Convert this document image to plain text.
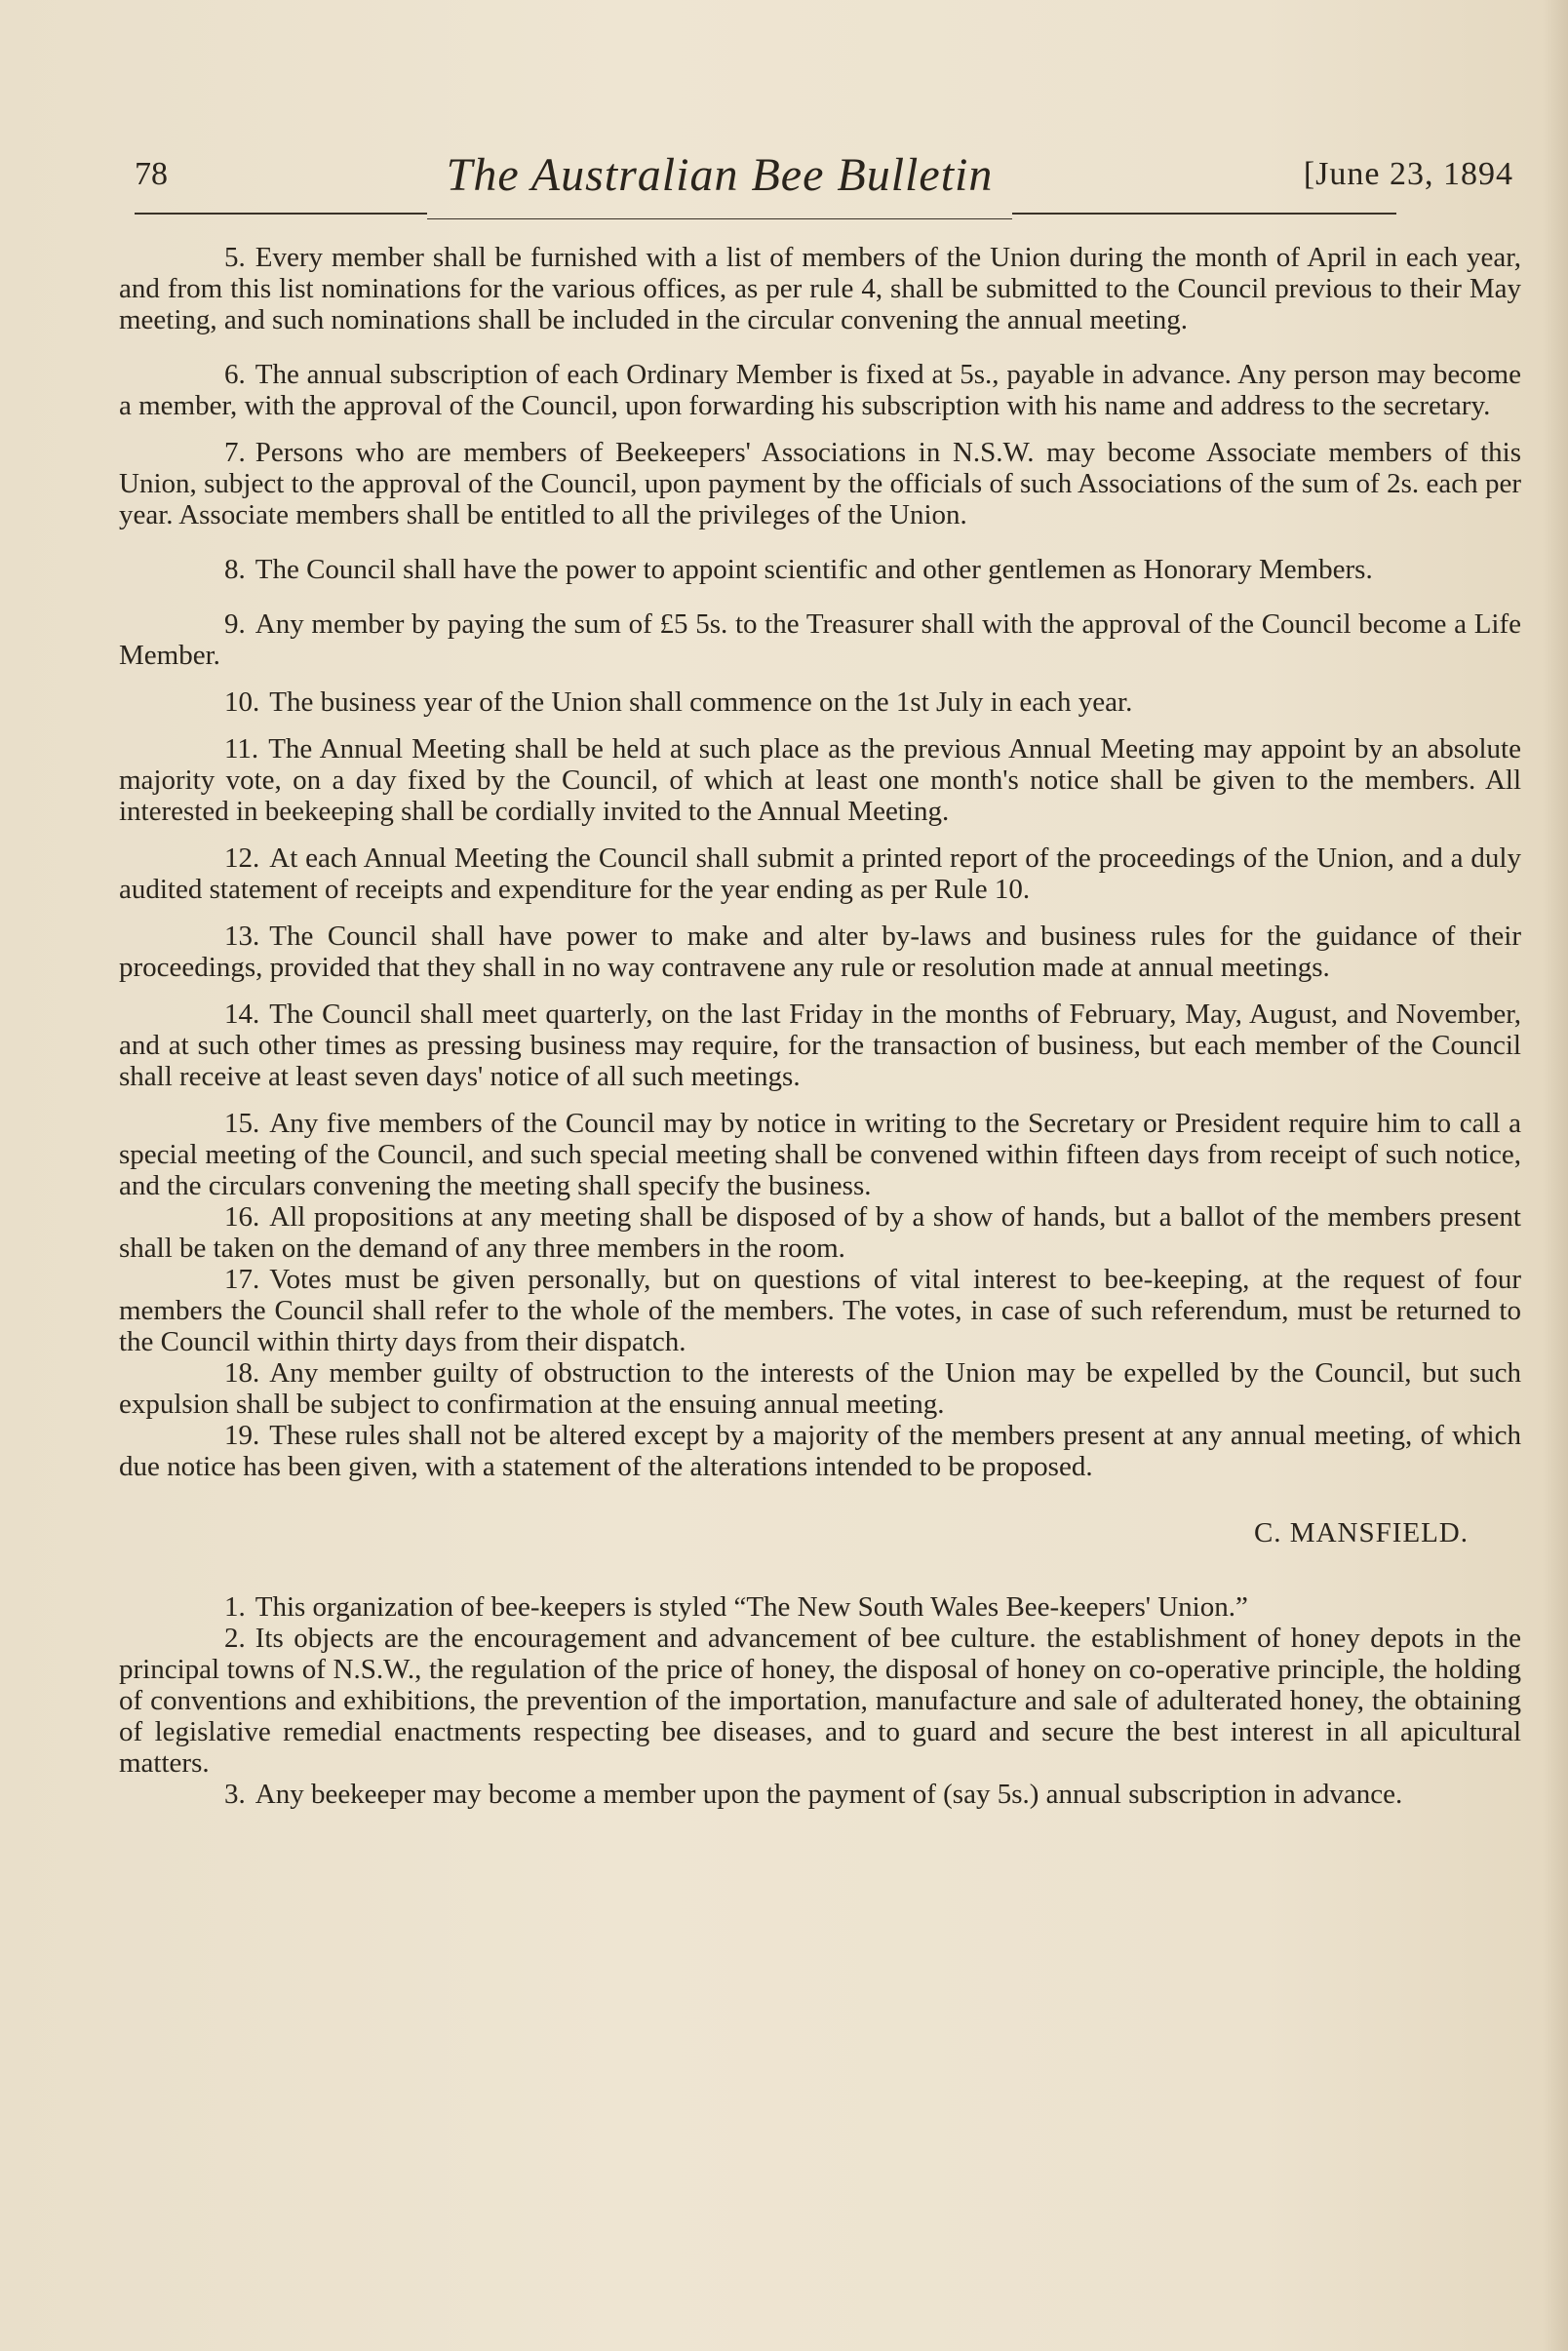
78	The Australian Bee Bulletin	[June 23, 1894

5. Every member shall be furnished with a list of members of the Union during the month of April in each year, and from this list nominations for the various offices, as per rule 4, shall be submitted to the Council previous to their May meeting, and such nominations shall be included in the circular convening the annual meeting.

6. The annual subscription of each Ordinary Member is fixed at 5s., payable in advance. Any person may become a member, with the approval of the Council, upon forwarding his subscription with his name and address to the secretary.

7. Persons who are members of Beekeepers' Associations in N.S.W. may become Associate members of this Union, subject to the approval of the Council, upon payment by the officials of such Associations of the sum of 2s. each per year. Associate members shall be entitled to all the privileges of the Union.

8. The Council shall have the power to appoint scientific and other gentlemen as Honorary Members.

9. Any member by paying the sum of £5 5s. to the Treasurer shall with the approval of the Council become a Life Member.

10. The business year of the Union shall commence on the 1st July in each year.

11. The Annual Meeting shall be held at such place as the previous Annual Meeting may appoint by an absolute majority vote, on a day fixed by the Council, of which at least one month's notice shall be given to the members. All interested in beekeeping shall be cordially invited to the Annual Meeting.

12. At each Annual Meeting the Council shall submit a printed report of the proceedings of the Union, and a duly audited statement of receipts and expenditure for the year ending as per Rule 10.

13. The Council shall have power to make and alter by-laws and business rules for the guidance of their proceedings, provided that they shall in no way contravene any rule or resolution made at annual meetings.

14. The Council shall meet quarterly, on the last Friday in the months of February, May, August, and November, and at such other times as pressing business may require, for the transaction of business, but each member of the Council shall receive at least seven days' notice of all such meetings.

15. Any five members of the Council may by notice in writing to the Secretary or President require him to call a special meeting of the Council, and such special meeting shall be convened within fifteen days from receipt of such notice, and the circulars convening the meeting shall specify the business.

16. All propositions at any meeting shall be disposed of by a show of hands, but a ballot of the members present shall be taken on the demand of any three members in the room.

17. Votes must be given personally, but on questions of vital interest to bee-keeping, at the request of four members the Council shall refer to the whole of the members. The votes, in case of such referendum, must be returned to the Council within thirty days from their dispatch.

18. Any member guilty of obstruction to the interests of the Union may be expelled by the Council, but such expulsion shall be subject to confirmation at the ensuing annual meeting.

19. These rules shall not be altered except by a majority of the members present at any annual meeting, of which due notice has been given, with a statement of the alterations intended to be proposed.

C. MANSFIELD.

1. This organization of bee-keepers is styled “The New South Wales Bee-keepers' Union.”

2. Its objects are the encouragement and advancement of bee culture. the establishment of honey depots in the principal towns of N.S.W., the regulation of the price of honey, the disposal of honey on co-operative principle, the holding of conventions and exhibitions, the prevention of the importation, manufacture and sale of adulterated honey, the obtaining of legislative remedial enactments respecting bee diseases, and to guard and secure the best interest in all apicultural matters.

3. Any beekeeper may become a member upon the payment of (say 5s.) annual subscription in advance.
